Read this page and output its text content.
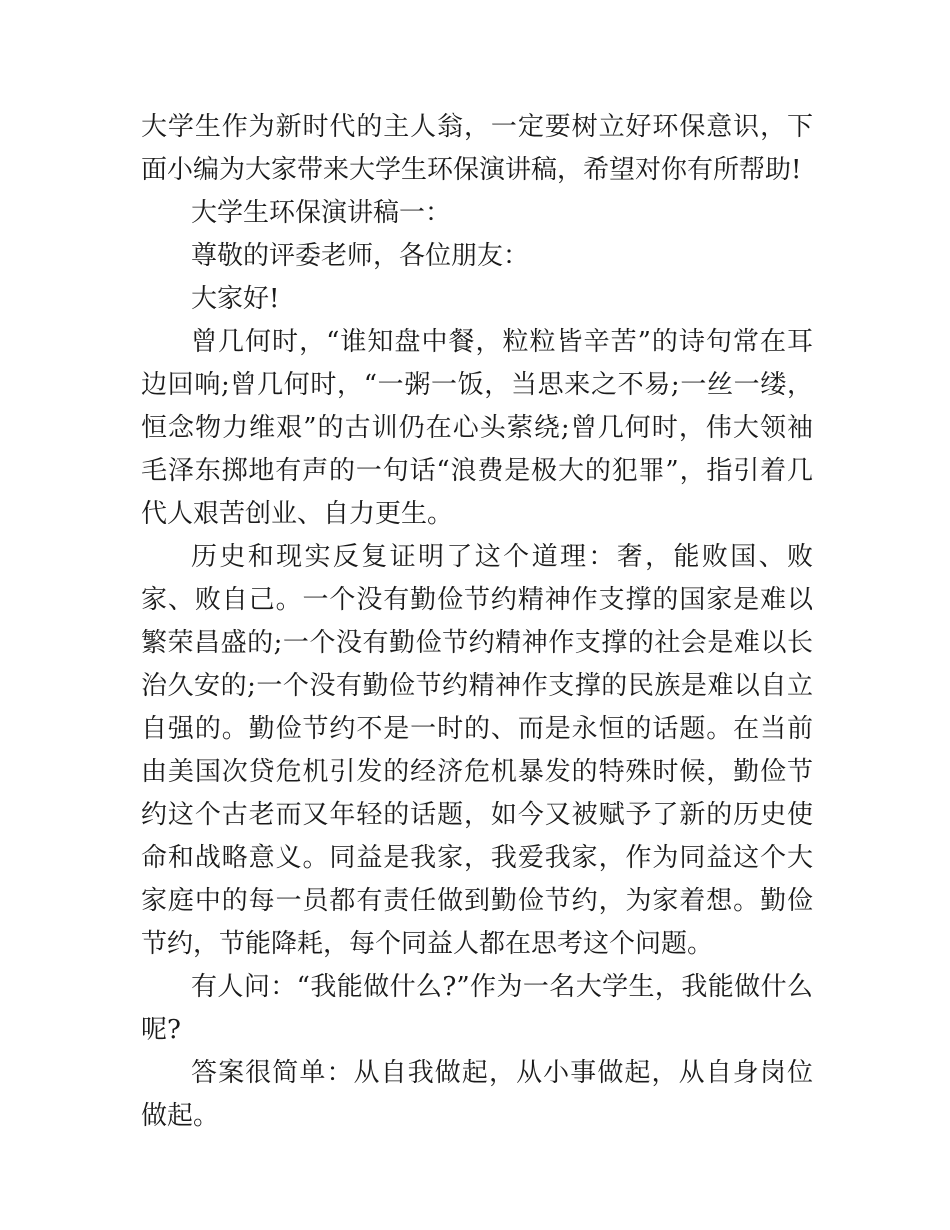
大学生作为新时代的主人翁，一定要树立好环保意识，下面小编为大家带来大学生环保演讲稿，希望对你有所帮助!

大学生环保演讲稿一：

尊敬的评委老师，各位朋友：

大家好!

曾几何时，“谁知盘中餐，粒粒皆辛苦”的诗句常在耳边回响;曾几何时，“一粥一饭，当思来之不易;一丝一缕，恒念物力维艰”的古训仍在心头萦绕;曾几何时，伟大领袖毛泽东掷地有声的一句话“浪费是极大的犯罪”，指引着几代人艰苦创业、自力更生。

历史和现实反复证明了这个道理：奢，能败国、败家、败自己。一个没有勤俭节约精神作支撑的国家是难以繁荣昌盛的;一个没有勤俭节约精神作支撑的社会是难以长治久安的;一个没有勤俭节约精神作支撑的民族是难以自立自强的。勤俭节约不是一时的、而是永恒的话题。在当前由美国次贷危机引发的经济危机暴发的特殊时候，勤俭节约这个古老而又年轻的话题，如今又被赋予了新的历史使命和战略意义。同益是我家，我爱我家，作为同益这个大家庭中的每一员都有责任做到勤俭节约，为家着想。勤俭节约，节能降耗，每个同益人都在思考这个问题。

有人问：“我能做什么?”作为一名大学生，我能做什么呢?

答案很简单：从自我做起，从小事做起，从自身岗位做起。
